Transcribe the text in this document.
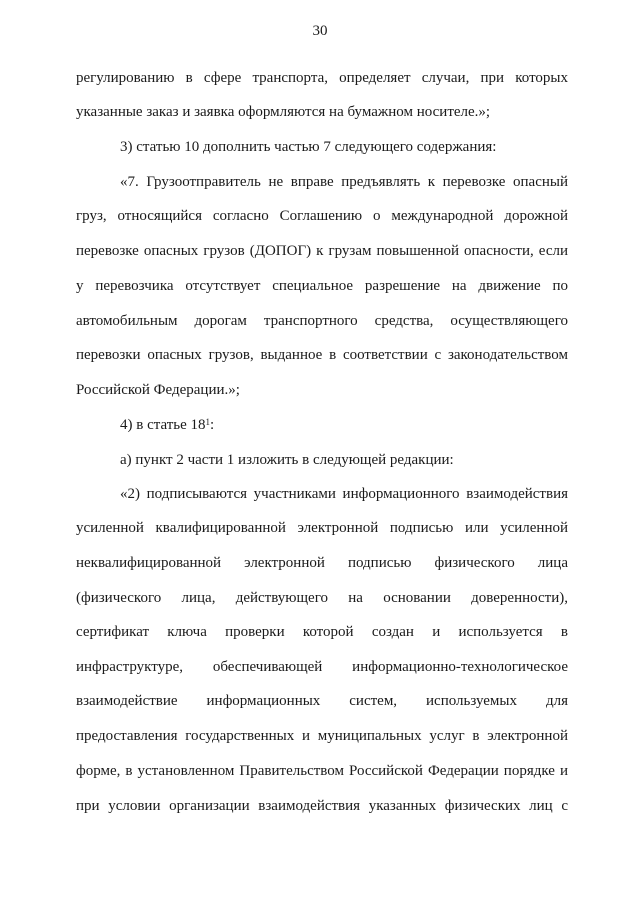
30
регулированию в сфере транспорта, определяет случаи, при которых
указанные заказ и заявка оформляются на бумажном носителе.»;
3) статью 10 дополнить частью 7 следующего содержания:
«7. Грузоотправитель не вправе предъявлять к перевозке опасный
груз, относящийся согласно Соглашению о международной дорожной
перевозке опасных грузов (ДОПОГ) к грузам повышенной опасности, если
у перевозчика отсутствует специальное разрешение на движение по
автомобильным дорогам транспортного средства, осуществляющего
перевозки опасных грузов, выданное в соответствии с законодательством
Российской Федерации.»;
4) в статье $18^1$:
а) пункт 2 части 1 изложить в следующей редакции:
«2) подписываются участниками информационного взаимодействия
усиленной квалифицированной электронной подписью или усиленной
неквалифицированной электронной подписью физического лица
(физического лица, действующего на основании доверенности),
сертификат ключа проверки которой создан и используется в
инфраструктуре, обеспечивающей информационно-технологическое
взаимодействие информационных систем, используемых для
предоставления государственных и муниципальных услуг в электронной
форме, в установленном Правительством Российской Федерации порядке и
при условии организации взаимодействия указанных физических лиц с
